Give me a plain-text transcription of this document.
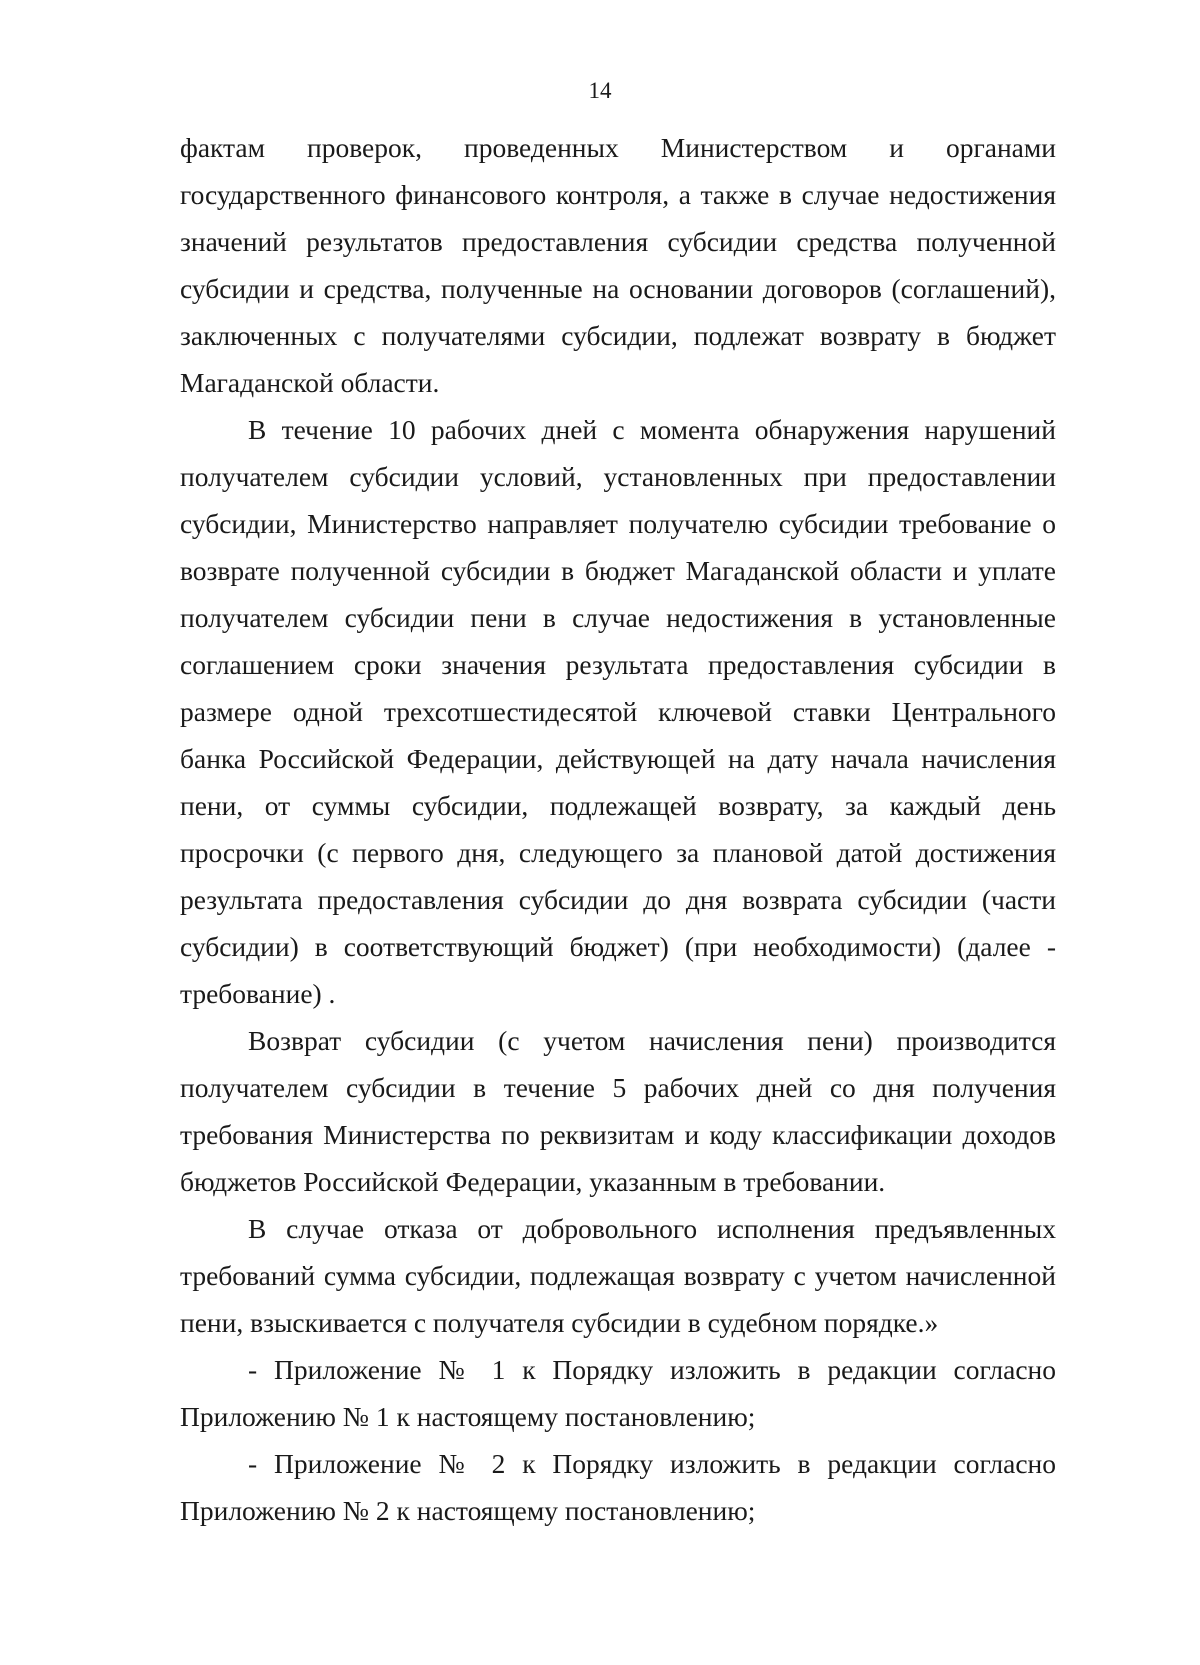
14

фактам проверок, проведенных Министерством и органами государственного финансового контроля, а также в случае недостижения значений результатов предоставления субсидии средства полученной субсидии и средства, полученные на основании договоров (соглашений), заключенных с получателями субсидии, подлежат возврату в бюджет Магаданской области.

В течение 10 рабочих дней с момента обнаружения нарушений получателем субсидии условий, установленных при предоставлении субсидии, Министерство направляет получателю субсидии требование о возврате полученной субсидии в бюджет Магаданской области и уплате получателем субсидии пени в случае недостижения в установленные соглашением сроки значения результата предоставления субсидии в размере одной трехсотшестидесятой ключевой ставки Центрального банка Российской Федерации, действующей на дату начала начисления пени, от суммы субсидии, подлежащей возврату, за каждый день просрочки (с первого дня, следующего за плановой датой достижения результата предоставления субсидии до дня возврата субсидии (части субсидии) в соответствующий бюджет) (при необходимости) (далее - требование) .

Возврат субсидии (с учетом начисления пени) производится получателем субсидии в течение 5 рабочих дней со дня получения требования Министерства по реквизитам и коду классификации доходов бюджетов Российской Федерации, указанным в требовании.

В случае отказа от добровольного исполнения предъявленных требований сумма субсидии, подлежащая возврату с учетом начисленной пени, взыскивается с получателя субсидии в судебном порядке.»

- Приложение № 1 к Порядку изложить в редакции согласно Приложению № 1 к настоящему постановлению;

- Приложение № 2 к Порядку изложить в редакции согласно Приложению № 2 к настоящему постановлению;
